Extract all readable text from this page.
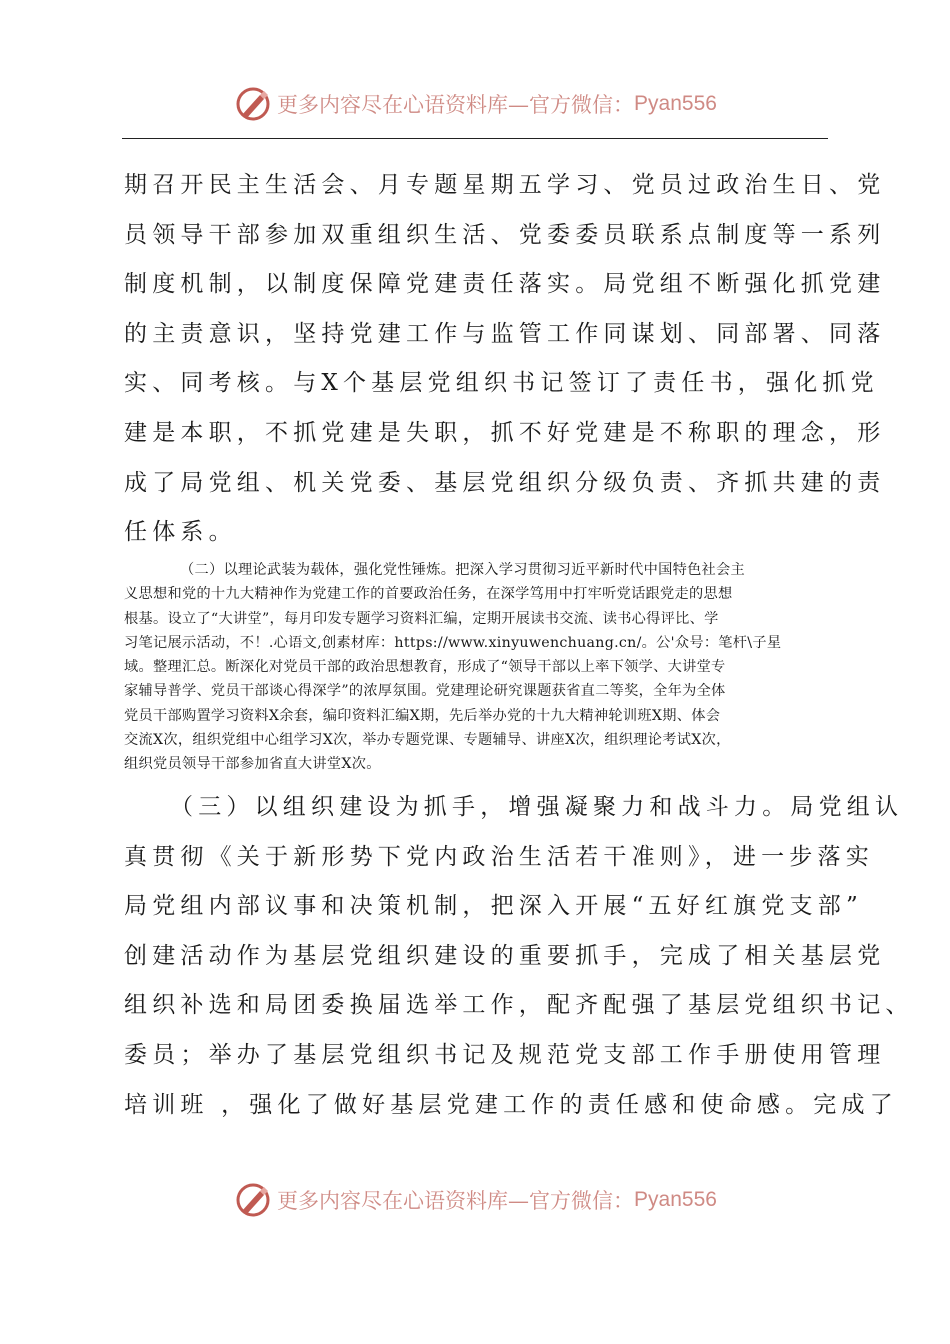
更多内容尽在心语资料库—官方微信： Pyan556
期召开民主生活会、月专题星期五学习、党员过政治生日、党
员领导干部参加双重组织生活、党委委员联系点制度等一系列
制度机制，以制度保障党建责任落实。局党组不断强化抓党建
的主责意识，坚持党建工作与监管工作同谋划、同部署、同落
实、同考核。与X个基层党组织书记签订了责任书，强化抓党
建是本职，不抓党建是失职，抓不好党建是不称职的理念，形
成了局党组、机关党委、基层党组织分级负责、齐抓共建的责
任体系。
（二）以理论武装为载体，强化党性锤炼。把深入学习贯彻习近平新时代中国特色社会主
义思想和党的十九大精神作为党建工作的首要政治任务，在深学笃用中打牢听党话跟党走的思想
根基。设立了“大讲堂”，每月印发专题学习资料汇编，定期开展读书交流、读书心得评比、学
习笔记展示活动，不！.心语文,创素材库：https://www.xinyuwenchuang.cn/。公'众号：笔杆\子星
域。整理汇总。断深化对党员干部的政治思想教育，形成了“领导干部以上率下领学、大讲堂专
家辅导普学、党员干部谈心得深学”的浓厚氛围。党建理论研究课题获省直二等奖，全年为全体
党员干部购置学习资料X余套，编印资料汇编X期，先后举办党的十九大精神轮训班X期、体会
交流X次，组织党组中心组学习X次，举办专题党课、专题辅导、讲座X次，组织理论考试X次，
组织党员领导干部参加省直大讲堂X次。
（三）以组织建设为抓手，增强凝聚力和战斗力。局党组认
真贯彻《关于新形势下党内政治生活若干准则》，进一步落实
局党组内部议事和决策机制，把深入开展“五好红旗党支部”
创建活动作为基层党组织建设的重要抓手，完成了相关基层党
组织补选和局团委换届选举工作，配齐配强了基层党组织书记、
委员；举办了基层党组织书记及规范党支部工作手册使用管理
培训班 ，强化了做好基层党建工作的责任感和使命感。完成了
更多内容尽在心语资料库—官方微信： Pyan556
